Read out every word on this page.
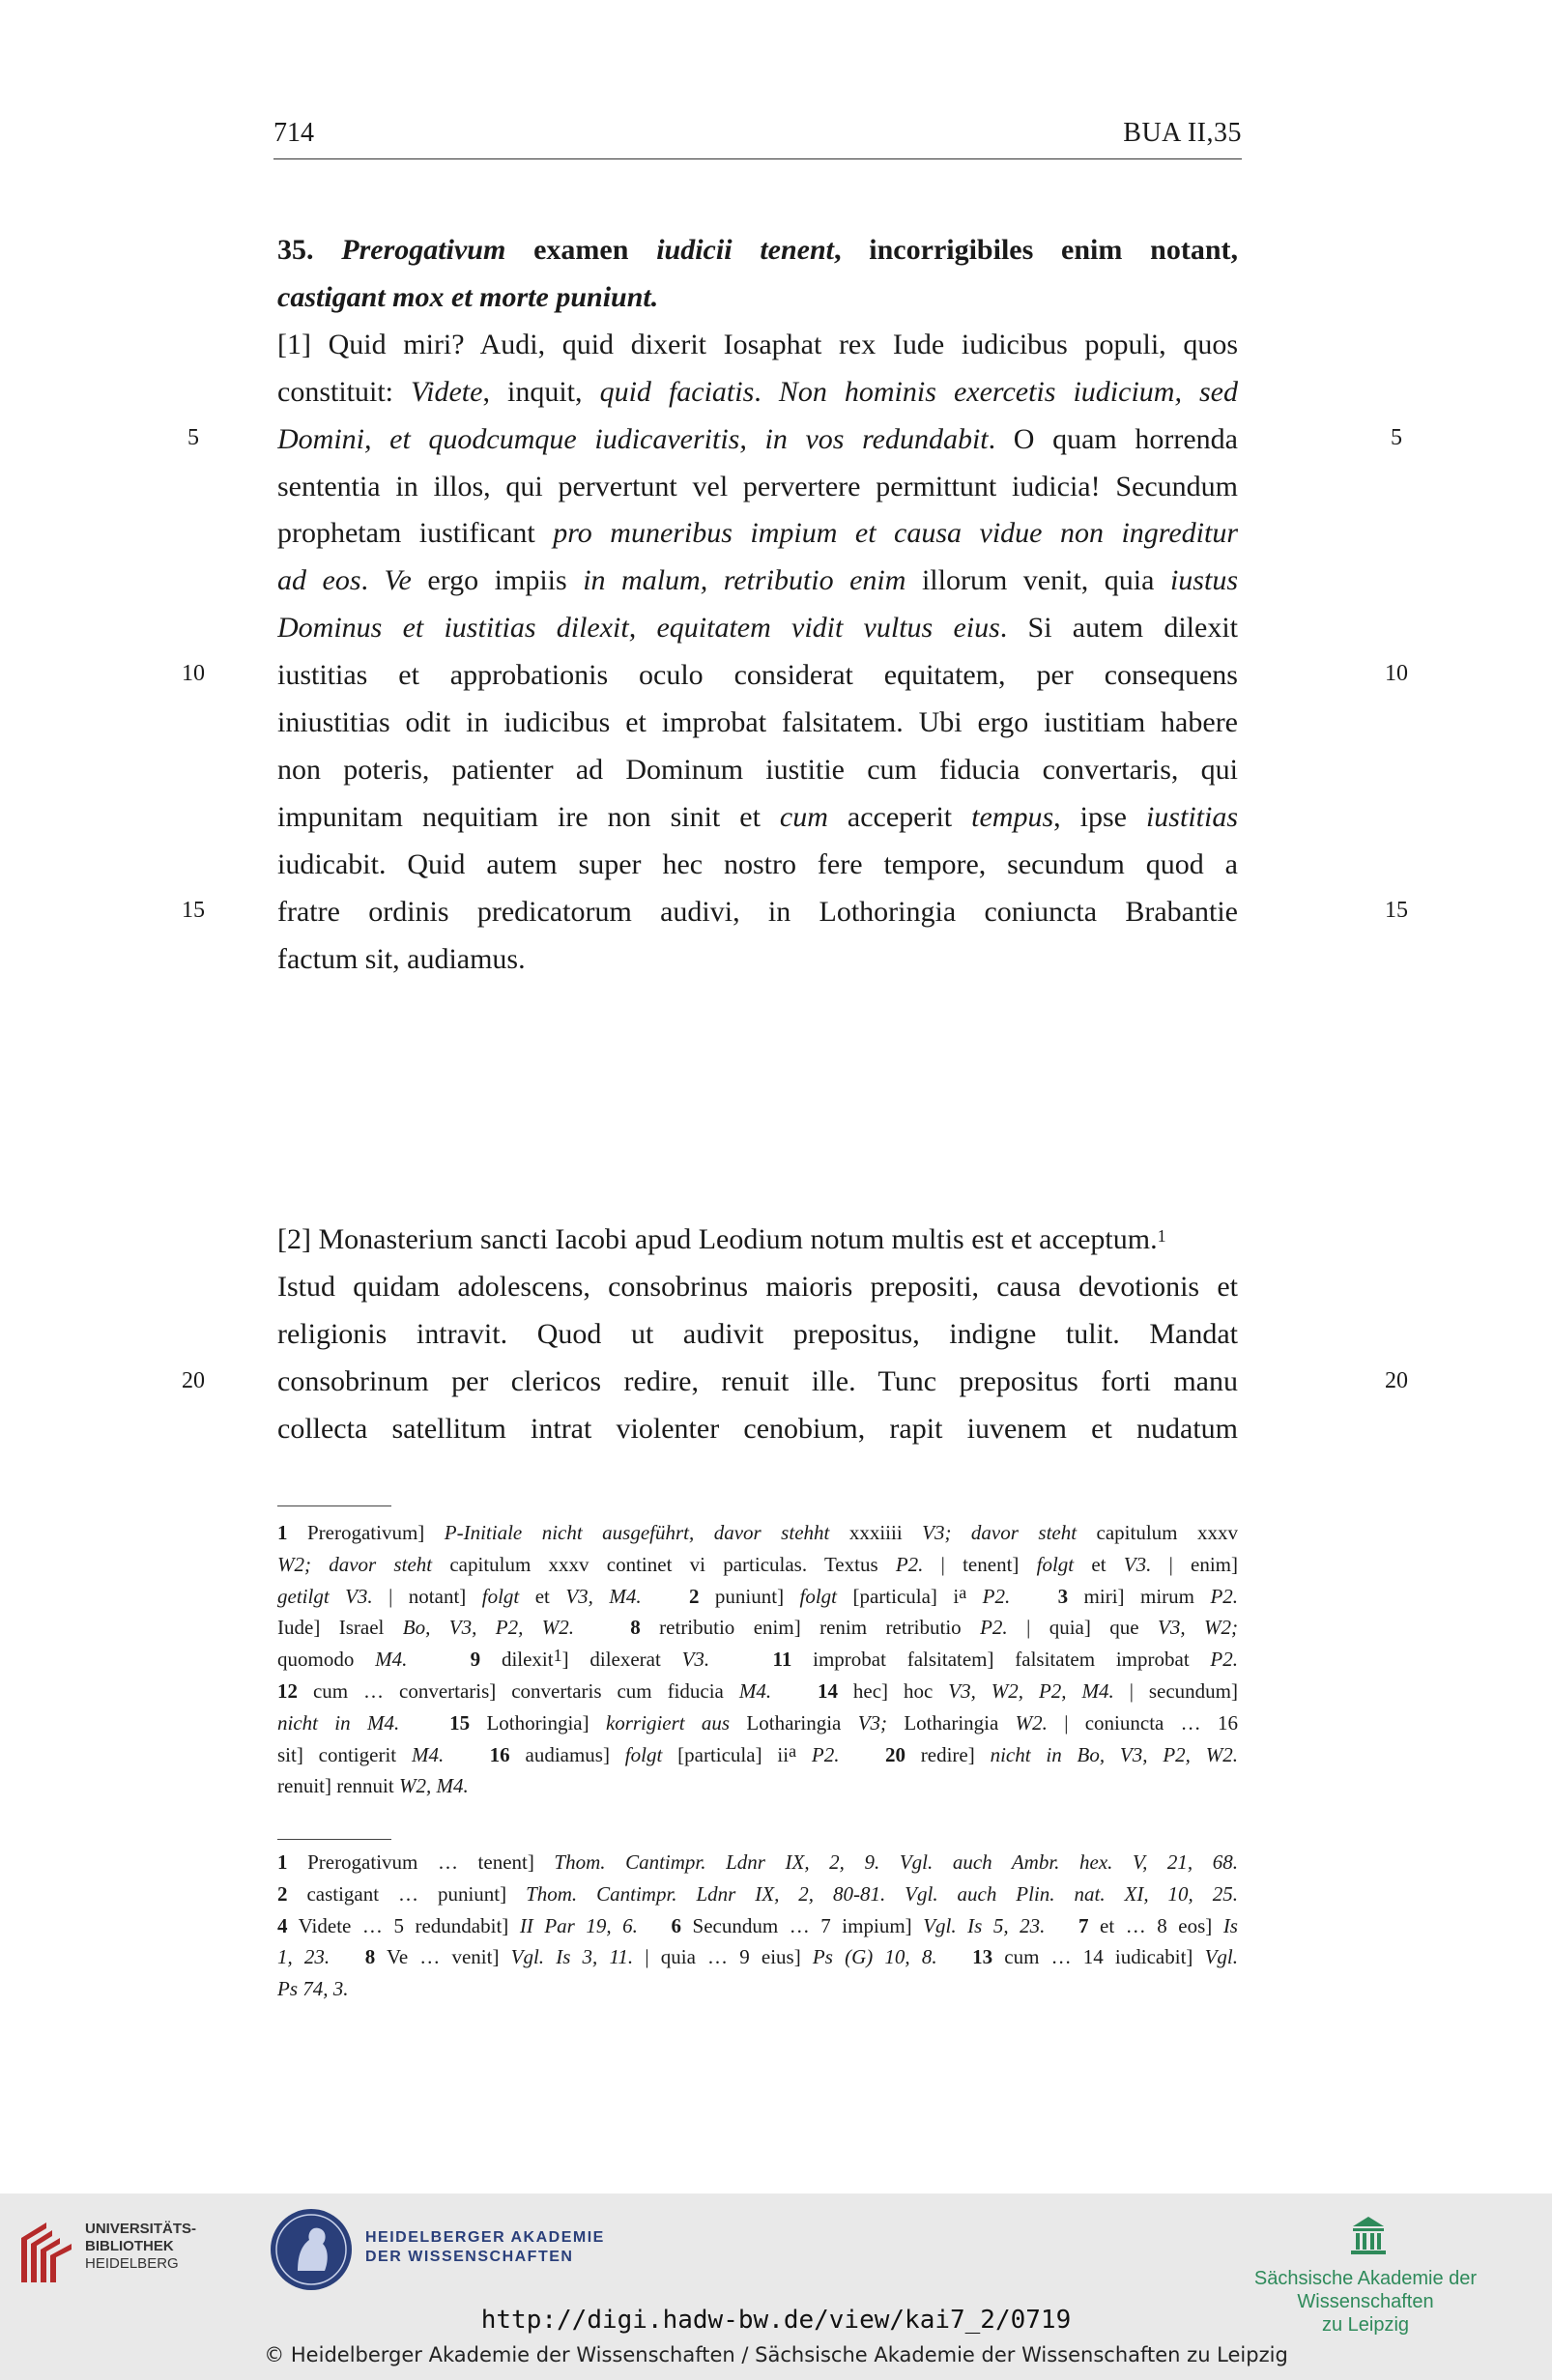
714	BUA II,35
35. Prerogativum examen iudicii tenent, incorrigibiles enim notant,
castigant mox et morte puniunt.
[1] Quid miri? Audi, quid dixerit Iosaphat rex Iude iudicibus populi, quos
constituit: Videte, inquit, quid faciatis. Non hominis exercetis iudicium, sed
Domini, et quodcumque iudicaveritis, in vos redundabit. O quam horrenda
sententia in illos, qui pervertunt vel pervertere permittunt iudicia! Secundum
prophetam iustificant pro muneribus impium et causa vidue non ingreditur
ad eos. Ve ergo impiis in malum, retributio enim illorum venit, quia iustus
Dominus et iustitias dilexit, equitatem vidit vultus eius. Si autem dilexit
iustitias et approbationis oculo considerat equitatem, per consequens
iniustitias odit in iudicibus et improbat falsitatem. Ubi ergo iustitiam habere
non poteris, patienter ad Dominum iustitie cum fiducia convertaris, qui
impunitam nequitiam ire non sinit et cum acceperit tempus, ipse iustitias
iudicabit. Quid autem super hec nostro fere tempore, secundum quod a
fratre ordinis predicatorum audivi, in Lothoringia coniuncta Brabantie
factum sit, audiamus.
[2] Monasterium sancti Iacobi apud Leodium notum multis est et acceptum.$^1$
Istud quidam adolescens, consobrinus maioris prepositi, causa devotionis et
religionis intravit. Quod ut audivit prepositus, indigne tulit. Mandat
consobrinum per clericos redire, renuit ille. Tunc prepositus forti manu
collecta satellitum intrat violenter cenobium, rapit iuvenem et nudatum
5	5
10	10
15	15
20	20
1 Prerogativum] P-Initiale nicht ausgeführt, davor stehht xxxiiii V3; davor steht capitulum xxxv
W2; davor steht capitulum xxxv continet vi particulas. Textus P2. | tenent] folgt et V3. | enim]
getilgt V3. | notant] folgt et V3, M4. 2 puniunt] folgt [particula] $i^a$ P2. 3 miri] mirum P2.
Iude] Israel Bo, V3, P2, W2.	8 retributio enim] renim retributio P2. | quia] que V3, W2;
quomodo M4.	9 dilexit$^1$] dilexerat V3.	11 improbat falsitatem] falsitatem improbat P2.
12 cum … convertaris] convertaris cum fiducia M4. 14 hec] hoc V3, W2, P2, M4. | secundum]
nicht in M4. 15 Lothoringia] korrigiert aus Lotharingia V3; Lotharingia W2. | coniuncta … 16
sit] contigerit M4. 16 audiamus] folgt [particula] $ii^a$ P2. 20 redire] nicht in Bo, V3, P2, W2.
renuit] rennuit W2, M4.
1 Prerogativum … tenent] Thom. Cantimpr. Ldnr IX, 2, 9. Vgl. auch Ambr. hex. V, 21, 68.
2 castigant … puniunt] Thom. Cantimpr. Ldnr IX, 2, 80-81. Vgl. auch Plin. nat. XI, 10, 25.
4 Videte … 5 redundabit] II Par 19, 6. 6 Secundum … 7 impium] Vgl. Is 5, 23. 7 et … 8 eos] Is
1, 23. 8 Ve … venit] Vgl. Is 3, 11. | quia … 9 eius] Ps (G) 10, 8. 13 cum … 14 iudicabit] Vgl.
Ps 74, 3.
UNIVERSITÄTS-
BIBLIOTHEK
HEIDELBERG
HEIDELBERGER AKADEMIE
DER WISSENSCHAFTEN
Sächsische Akademie der Wissenschaften
zu Leipzig
http://digi.hadw-bw.de/view/kai7_2/0719
© Heidelberger Akademie der Wissenschaften / Sächsische Akademie der Wissenschaften zu Leipzig
